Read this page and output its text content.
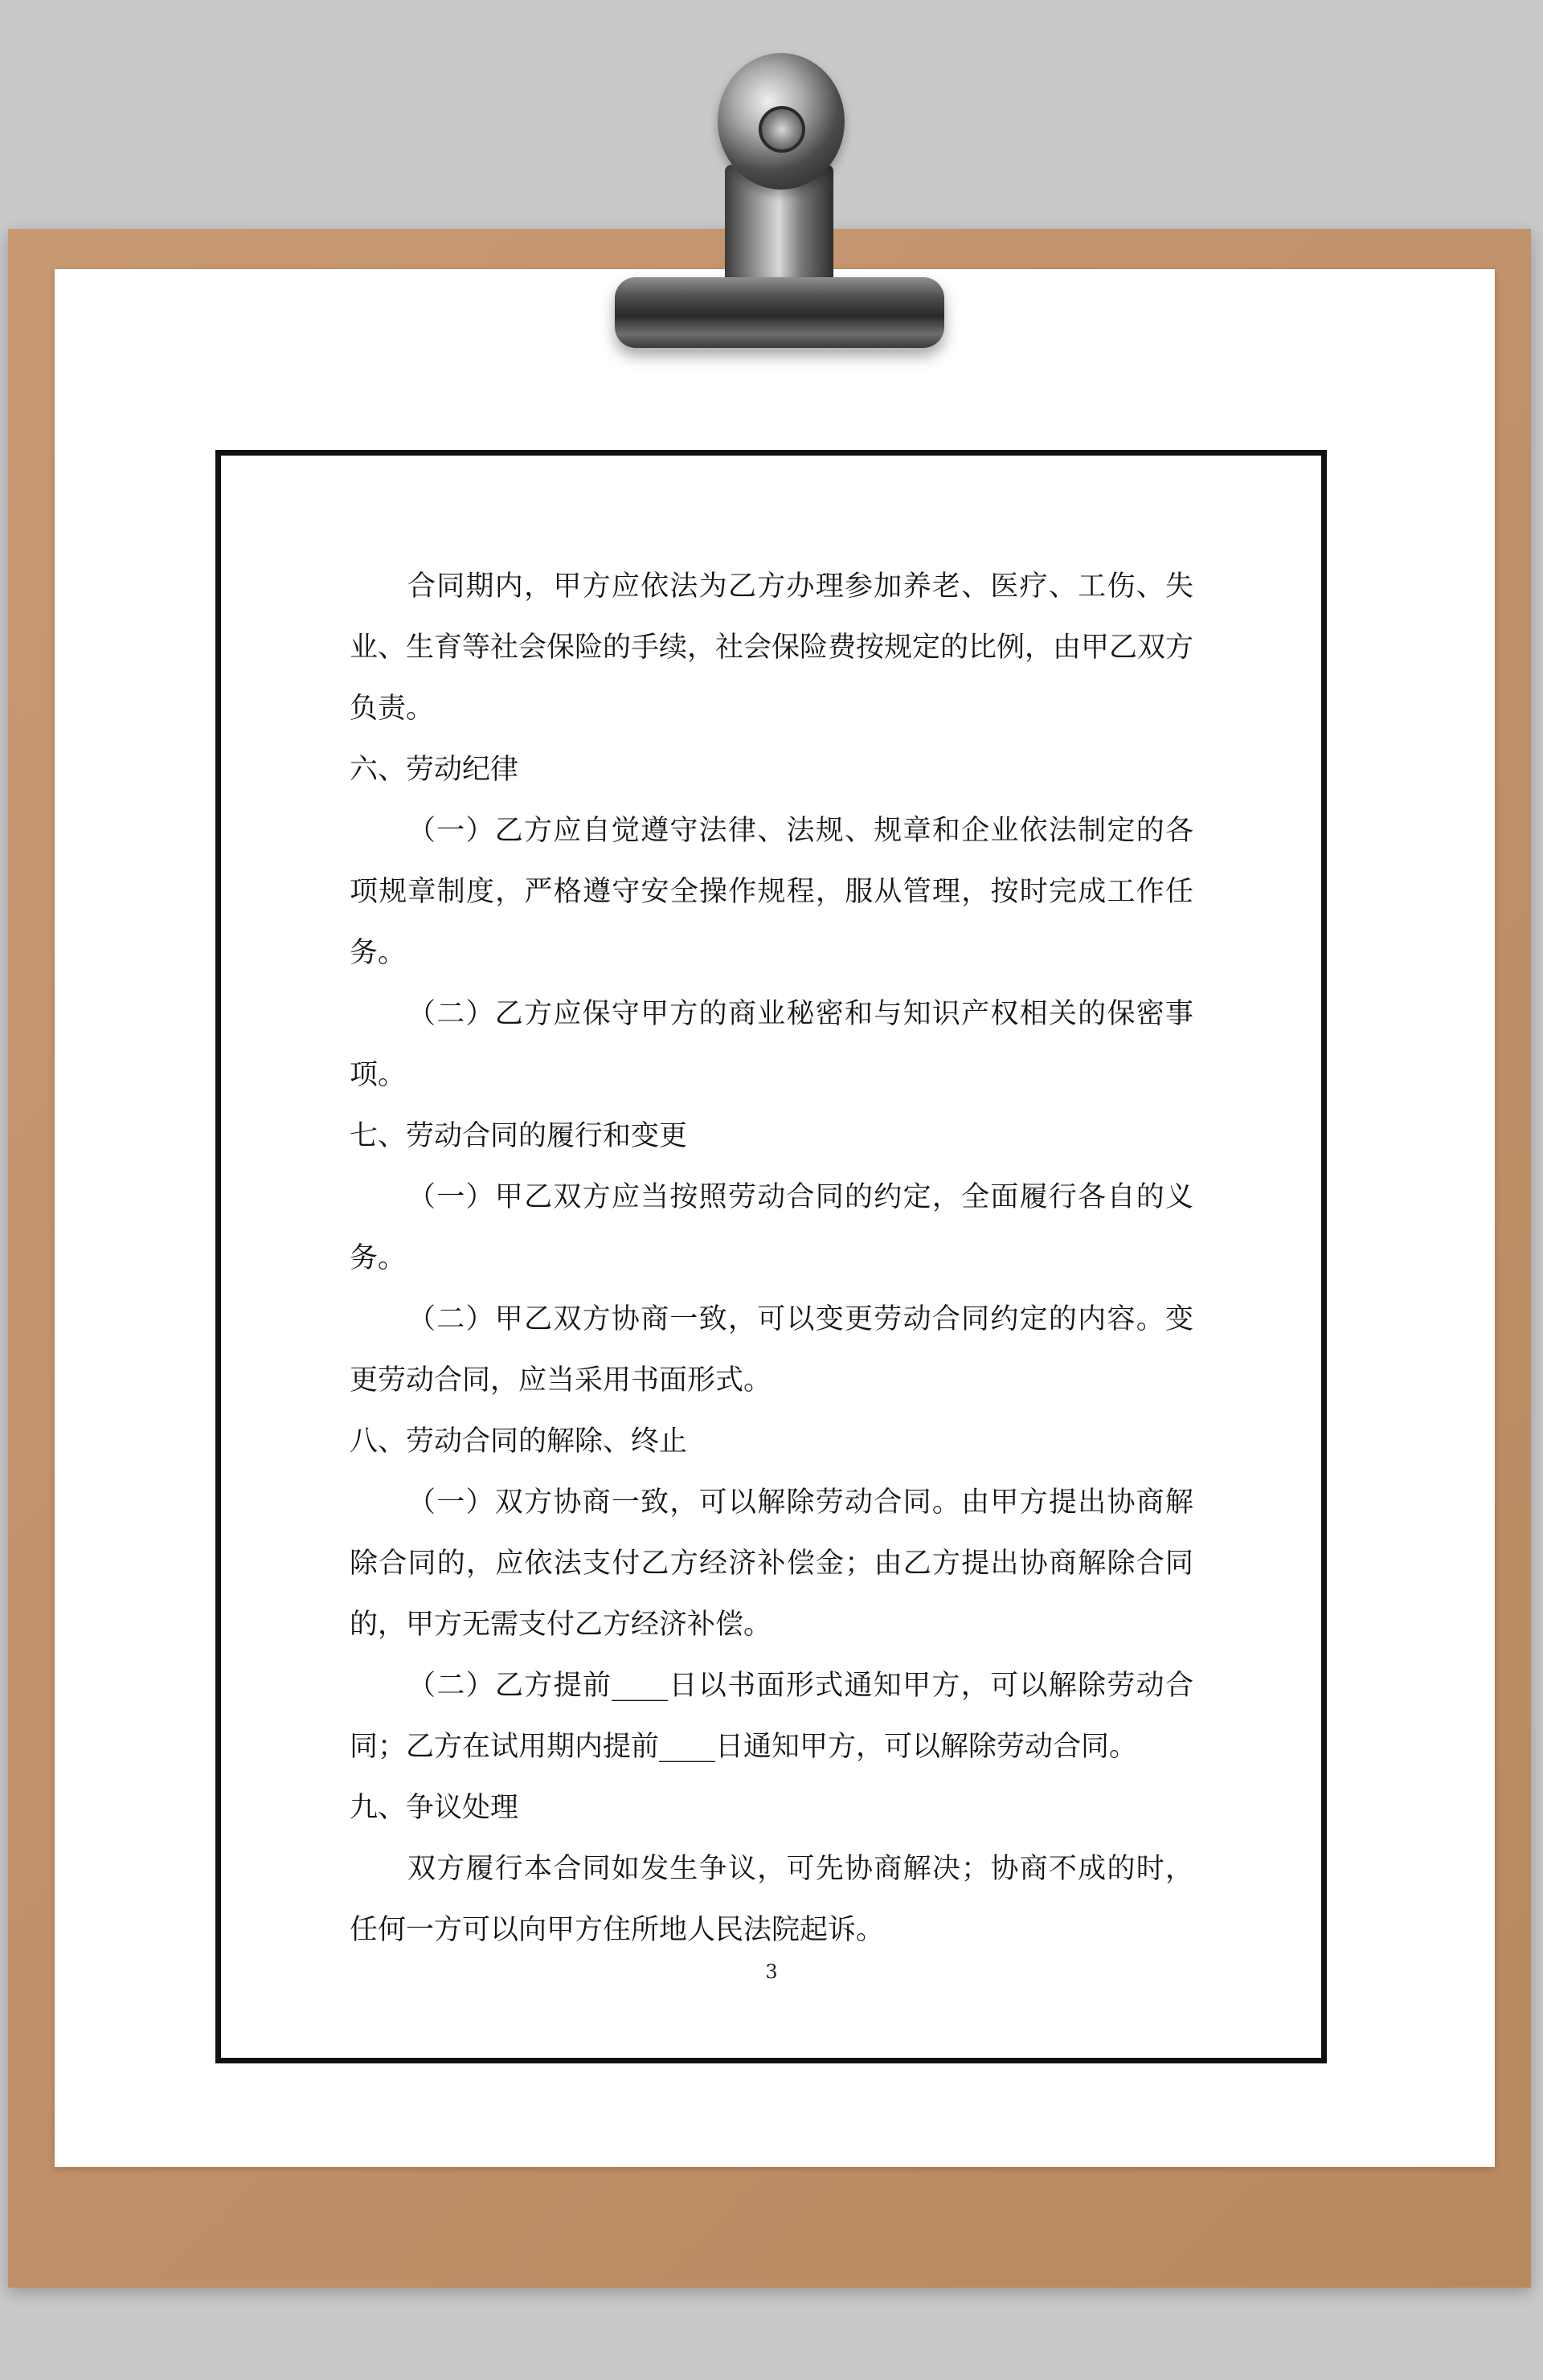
合同期内，甲方应依法为乙方办理参加养老、医疗、工伤、失业、生育等社会保险的手续，社会保险费按规定的比例，由甲乙双方负责。

六、劳动纪律

（一）乙方应自觉遵守法律、法规、规章和企业依法制定的各项规章制度，严格遵守安全操作规程，服从管理，按时完成工作任务。

（二）乙方应保守甲方的商业秘密和与知识产权相关的保密事项。

七、劳动合同的履行和变更

（一）甲乙双方应当按照劳动合同的约定，全面履行各自的义务。

（二）甲乙双方协商一致，可以变更劳动合同约定的内容。变更劳动合同，应当采用书面形式。

八、劳动合同的解除、终止

（一）双方协商一致，可以解除劳动合同。由甲方提出协商解除合同的，应依法支付乙方经济补偿金；由乙方提出协商解除合同的，甲方无需支付乙方经济补偿。

（二）乙方提前____日以书面形式通知甲方，可以解除劳动合同；乙方在试用期内提前____日通知甲方，可以解除劳动合同。

九、争议处理

双方履行本合同如发生争议，可先协商解决；协商不成的时，任何一方可以向甲方住所地人民法院起诉。

3
